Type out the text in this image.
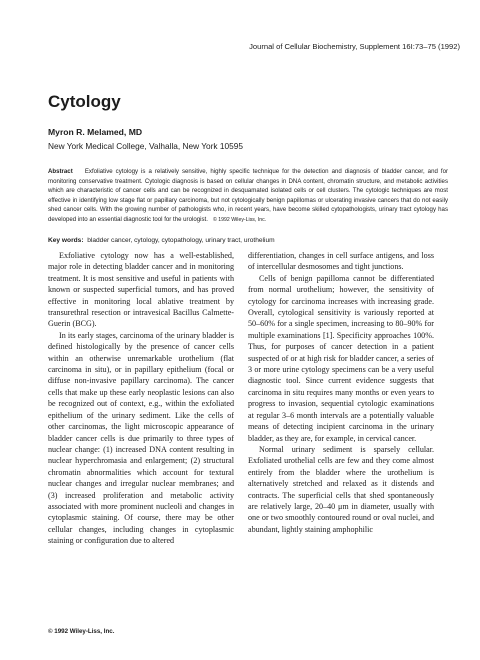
Journal of Cellular Biochemistry, Supplement 16I:73–75 (1992)
Cytology
Myron R. Melamed, MD
New York Medical College, Valhalla, New York 10595
Abstract Exfoliative cytology is a relatively sensitive, highly specific technique for the detection and diagnosis of bladder cancer, and for monitoring conservative treatment. Cytologic diagnosis is based on cellular changes in DNA content, chromatin structure, and metabolic activities which are characteristic of cancer cells and can be recognized in desquamated isolated cells or cell clusters. The cytologic techniques are most effective in identifying low stage flat or papillary carcinoma, but not cytologically benign papillomas or ulcerating invasive cancers that do not easily shed cancer cells. With the growing number of pathologists who, in recent years, have become skilled cytopathologists, urinary tract cytology has developed into an essential diagnostic tool for the urologist. © 1992 Wiley-Liss, Inc.
Key words: bladder cancer, cytology, cytopathology, urinary tract, urothelium

Exfoliative cytology now has a well-established, major role in detecting bladder cancer and in monitoring treatment. It is most sensitive and useful in patients with known or suspected superficial tumors, and has proved effective in monitoring local ablative treatment by transurethral resection or intravesical Bacillus Calmette-Guerin (BCG).

In its early stages, carcinoma of the urinary bladder is defined histologically by the presence of cancer cells within an otherwise unremarkable urothelium (flat carcinoma in situ), or in papillary epithelium (focal or diffuse non-invasive papillary carcinoma). The cancer cells that make up these early neoplastic lesions can also be recognized out of context, e.g., within the exfoliated epithelium of the urinary sediment. Like the cells of other carcinomas, the light microscopic appearance of bladder cancer cells is due primarily to three types of nuclear change: (1) increased DNA content resulting in nuclear hyperchromasia and enlargement; (2) structural chromatin abnormalities which account for textural nuclear changes and irregular nuclear membranes; and (3) increased proliferation and metabolic activity associated with more prominent nucleoli and changes in cytoplasmic staining. Of course, there may be other cellular changes, including changes in cytoplasmic staining or configuration due to altered

differentiation, changes in cell surface antigens, and loss of intercellular desmosomes and tight junctions.

Cells of benign papilloma cannot be differentiated from normal urothelium; however, the sensitivity of cytology for carcinoma increases with increasing grade. Overall, cytological sensitivity is variously reported at 50–60% for a single specimen, increasing to 80–90% for multiple examinations [1]. Specificity approaches 100%. Thus, for purposes of cancer detection in a patient suspected of or at high risk for bladder cancer, a series of 3 or more urine cytology specimens can be a very useful diagnostic tool. Since current evidence suggests that carcinoma in situ requires many months or even years to progress to invasion, sequential cytologic examinations at regular 3–6 month intervals are a potentially valuable means of detecting incipient carcinoma in the urinary bladder, as they are, for example, in cervical cancer.

Normal urinary sediment is sparsely cellular. Exfoliated urothelial cells are few and they come almost entirely from the bladder where the urothelium is alternatively stretched and relaxed as it distends and contracts. The superficial cells that shed spontaneously are relatively large, 20–40 μm in diameter, usually with one or two smoothly contoured round or oval nuclei, and abundant, lightly staining amphophilic

© 1992 Wiley-Liss, Inc.
